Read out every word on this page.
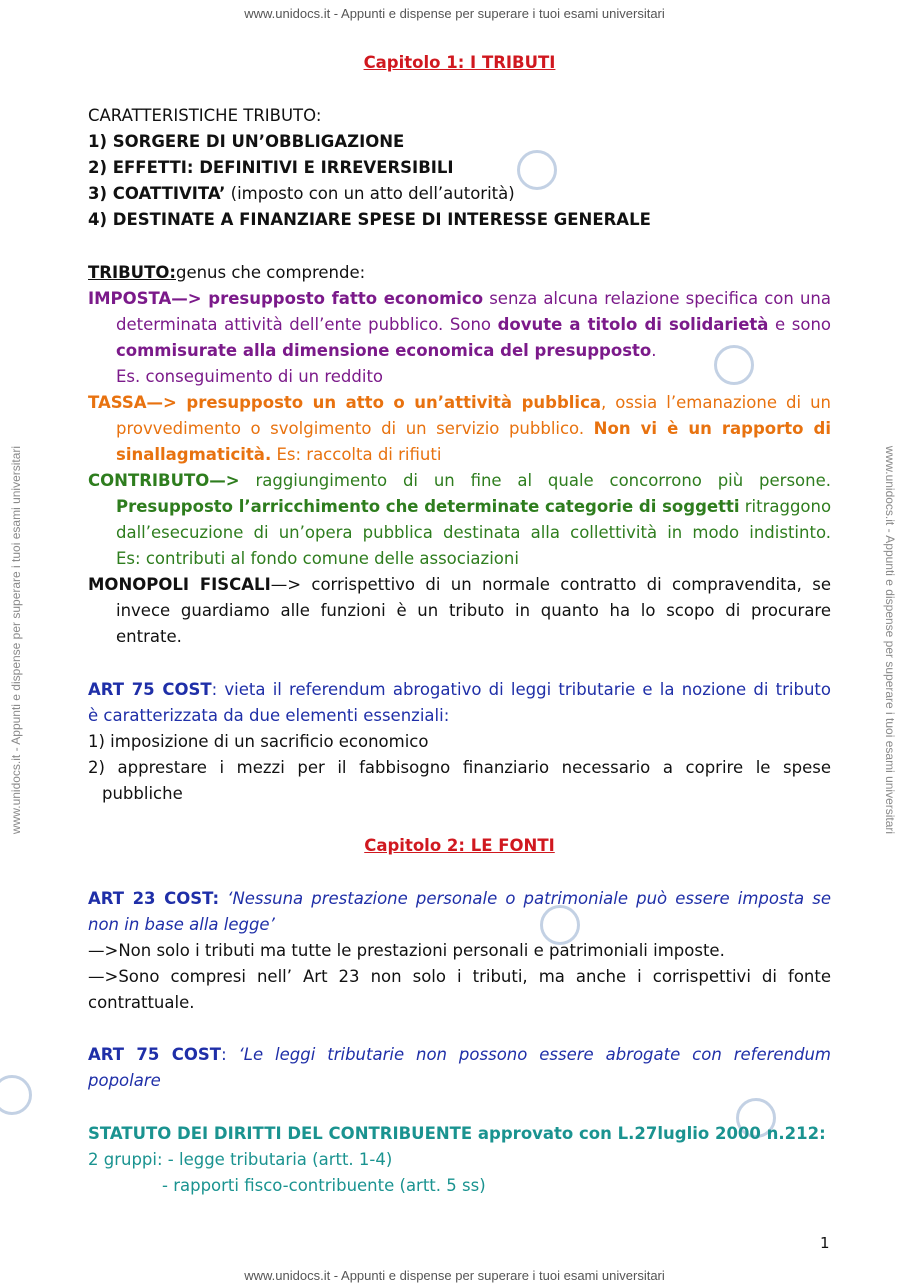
www.unidocs.it - Appunti e dispense per superare i tuoi esami universitari
www.unidocs.it - Appunti e dispense per superare i tuoi esami universitari
www.unidocs.it - Appunti e dispense per superare i tuoi esami universitari	www.unidocs.it - Appunti e dispense per superare i tuoi esami universitari
Capitolo 1: I TRIBUTI
CARATTERISTICHE TRIBUTO:
1) SORGERE DI UN’OBBLIGAZIONE
2) EFFETTI: DEFINITIVI E IRREVERSIBILI
3) COATTIVITA’ (imposto con un atto dell’autorità)
4) DESTINATE A FINANZIARE SPESE DI INTERESSE GENERALE
TRIBUTO:genus che comprende:
IMPOSTA—> presupposto fatto economico senza alcuna relazione specifica con una
determinata attività dell’ente pubblico. Sono dovute a titolo di solidarietà e sono
commisurate alla dimensione economica del presupposto.
Es. conseguimento di un reddito
TASSA—> presupposto un atto o un’attività pubblica, ossia l’emanazione di un
provvedimento o svolgimento di un servizio pubblico. Non vi è un rapporto di
sinallagmaticità. Es: raccolta di rifiuti
CONTRIBUTO—> raggiungimento di un fine al quale concorrono più persone.
Presupposto l’arricchimento che determinate categorie di soggetti ritraggono
dall’esecuzione di un’opera pubblica destinata alla collettività in modo indistinto.
Es: contributi al fondo comune delle associazioni
MONOPOLI FISCALI—> corrispettivo di un normale contratto di compravendita, se
invece guardiamo alle funzioni è un tributo in quanto ha lo scopo di procurare
entrate.
ART 75 COST: vieta il referendum abrogativo di leggi tributarie e la nozione di tributo
è caratterizzata da due elementi essenziali:
1) imposizione di un sacrificio economico
2) apprestare i mezzi per il fabbisogno finanziario necessario a coprire le spese
pubbliche
Capitolo 2: LE FONTI
ART 23 COST: ‘Nessuna prestazione personale o patrimoniale può essere imposta se
non in base alla legge’
—>Non solo i tributi ma tutte le prestazioni personali e patrimoniali imposte.
—>Sono compresi nell’ Art 23 non solo i tributi, ma anche i corrispettivi di fonte
contrattuale.
ART 75 COST: ‘Le leggi tributarie non possono essere abrogate con referendum
popolare
STATUTO DEI DIRITTI DEL CONTRIBUENTE approvato con L.27luglio 2000 n.212:
2 gruppi: - legge tributaria (artt. 1-4)
- rapporti fisco-contribuente (artt. 5 ss)
1
